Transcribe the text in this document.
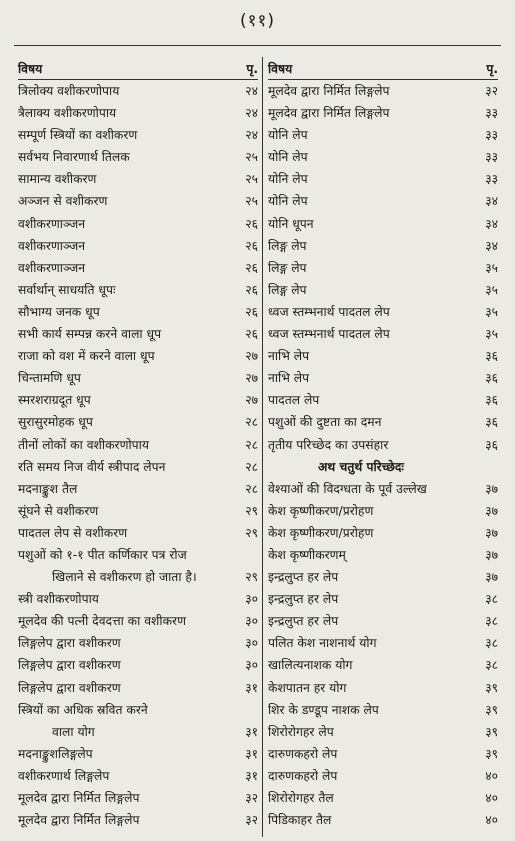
(११)
विषय	पृ.
त्रिलोक्य वशीकरणोपाय	२४
त्रैलाक्य वशीकरणोपाय	२४
सम्पूर्ण स्त्रियों का वशीकरण	२४
सर्वभय निवारणार्थ तिलक	२५
सामान्य वशीकरण	२५
अञ्जन से वशीकरण	२५
वशीकरणाञ्जन	२६
वशीकरणाञ्जन	२६
वशीकरणाञ्जन	२६
सर्वार्थान् साधयति धूपः	२६
सौभाग्य जनक धूप	२६
सभी कार्य सम्पन्न करने वाला धूप	२६
राजा को वश में करने वाला धूप	२७
चिन्तामणि धूप	२७
स्मरशराग्रदूत धूप	२७
सुरासुरमोहक धूप	२८
तीनों लोकों का वशीकरणोपाय	२८
रति समय निज वीर्य स्त्रीपाद लेपन	२८
मदनाङ्कुश तैल	२८
सूंघने से वशीकरण	२९
पादतल लेप से वशीकरण	२९
पशुओं को १-१ पीत कर्णिकार पत्र रोज
खिलाने से वशीकरण हो जाता है।	२९
स्त्री वशीकरणोपाय	३०
मूलदेव की पत्नी देवदत्ता का वशीकरण	३०
लिङ्गलेप द्वारा वशीकरण	३०
लिङ्गलेप द्वारा वशीकरण	३०
लिङ्गलेप द्वारा वशीकरण	३१
स्त्रियों का अधिक स्रवित करने
वाला योग	३१
मदनाङ्कुशलिङ्गलेप	३१
वशीकरणार्थ लिङ्गलेप	३१
मूलदेव द्वारा निर्मित लिङ्गलेप	३२
मूलदेव द्वारा निर्मित लिङ्गलेप	३२
विषय	पृ.
मूलदेव द्वारा निर्मित लिङ्गलेप	३२
मूलदेव द्वारा निर्मित लिङ्गलेप	३३
योनि लेप	३३
योनि लेप	३३
योनि लेप	३३
योनि लेप	३४
योनि धूपन	३४
लिङ्ग लेप	३४
लिङ्ग लेप	३५
लिङ्ग लेप	३५
ध्वज स्तम्भनार्थ पादतल लेप	३५
ध्वज स्तम्भनार्थ पादतल लेप	३५
नाभि लेप	३६
नाभि लेप	३६
पादतल लेप	३६
पशुओं की दुष्टता का दमन	३६
तृतीय परिच्छेद का उपसंहार	३६
अथ चतुर्थ परिच्छेदः
वेश्याओं की विदग्धता के पूर्व उल्लेख	३७
केश कृष्णीकरण/प्ररोहण	३७
केश कृष्णीकरण/प्ररोहण	३७
केश कृष्णीकरणम्	३७
इन्द्रलुप्त हर लेप	३७
इन्द्रलुप्त हर लेप	३८
इन्द्रलुप्त हर लेप	३८
पलित केश नाशनार्थ योग	३८
खालित्यनाशक योग	३८
केशपातन हर योग	३९
शिर के डण्डूप नाशक लेप	३९
शिरोरोगहर लेप	३९
दारुणकहरो लेप	३९
दारुणकहरो लेप	४०
शिरोरोगहर तैल	४०
पिडिकाहर तैल	४०
